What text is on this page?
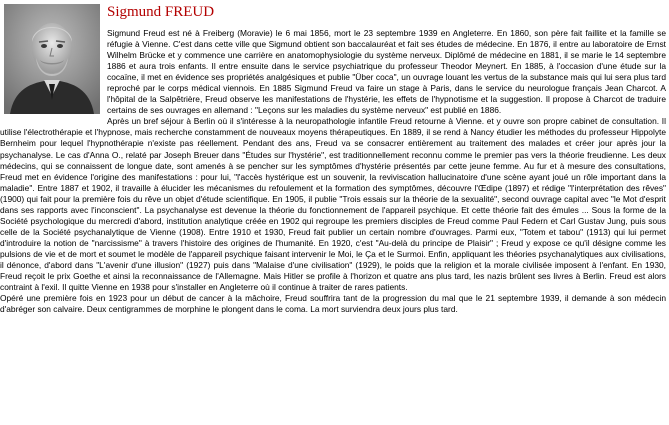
Sigmund FREUD

Sigmund Freud est né à Freiberg (Moravie) le 6 mai 1856, mort le 23 septembre 1939 en Angleterre. En 1860, son père fait faillite et la famille se réfugie à Vienne. C'est dans cette ville que Sigmund obtient son baccalauréat et fait ses études de médecine. En 1876, il entre au laboratoire de Ernst Wilhelm Brücke et y commence une carrière en anatomophysiologie du système nerveux. Diplômé de médecine en 1881, il se marie le 14 septembre 1886 et aura trois enfants. Il entre ensuite dans le service psychiatrique du professeur Theodor Meynert. En 1885, à l'occasion d'une étude sur la cocaïne, il met en évidence ses propriétés analgésiques et publie "Über coca", un ouvrage louant les vertus de la substance mais qui lui sera plus tard reproché par le corps médical viennois. En 1885 Sigmund Freud va faire un stage à Paris, dans le service du neurologue français Jean Charcot. A l'hôpital de la Salpêtrière, Freud observe les manifestations de l'hystérie, les effets de l'hypnotisme et la suggestion. Il propose à Charcot de traduire certains de ses ouvrages en allemand : "Leçons sur les maladies du système nerveux" est publié en 1886.

Après un bref séjour à Berlin où il s'intéresse à la neuropathologie infantile Freud retourne à Vienne. et y ouvre son propre cabinet de consultation. Il utilise l'électrothérapie et l'hypnose, mais recherche constamment de nouveaux moyens thérapeutiques. En 1889, il se rend à Nancy étudier les méthodes du professeur Hippolyte Bernheim pour lequel l'hypnothérapie n'existe pas réellement. Pendant des ans, Freud va se consacrer entièrement au traitement des malades et créer jour après jour la psychanalyse. Le cas d'Anna O., relaté par Joseph Breuer dans "Études sur l'hystérie", est traditionnellement reconnu comme le premier pas vers la théorie freudienne. Les deux médecins, qui se connaissent de longue date, sont amenés à se pencher sur les symptômes d'hystérie présentés par cette jeune femme. Au fur et à mesure des consultations, Freud met en évidence l'origine des manifestations : pour lui, "l'accès hystérique est un souvenir, la reviviscation hallucinatoire d'une scène ayant joué un rôle important dans la maladie". Entre 1887 et 1902, il travaille à élucider les mécanismes du refoulement et la formation des symptômes, découvre l'Œdipe (1897) et rédige "l'interprétation des rêves" (1900) qui fait pour la première fois du rêve un objet d'étude scientifique. En 1905, il publie "Trois essais sur la théorie de la sexualité", second ouvrage capital avec "le Mot d'esprit dans ses rapports avec l'inconscient". La psychanalyse est devenue la théorie du fonctionnement de l'appareil psychique. Et cette théorie fait des émules ... Sous la forme de la Société psychologique du mercredi d'abord, institution analytique créée en 1902 qui regroupe les premiers disciples de Freud comme Paul Federn et Carl Gustav Jung, puis sous celle de la Société psychanalytique de Vienne (1908). Entre 1910 et 1930, Freud fait publier un certain nombre d'ouvrages. Parmi eux, "Totem et tabou" (1913) qui lui permet d'introduire la notion de "narcissisme" à travers l'histoire des origines de l'humanité. En 1920, c'est "Au-delà du principe de Plaisir" ; Freud y expose ce qu'il désigne comme les pulsions de vie et de mort et soumet le modèle de l'appareil psychique faisant intervenir le Moi, le Ça et le Surmoi. Enfin, appliquant les théories psychanalytiques aux civilisations, il dénonce, d'abord dans "L'avenir d'une illusion" (1927) puis dans "Malaise d'une civilisation" (1929), le poids que la religion et la morale civilisée imposent à l'enfant. En 1930, Freud reçoit le prix Goethe et ainsi la reconnaissance de l'Allemagne. Mais Hitler se profile à l'horizon et quatre ans plus tard, les nazis brûlent ses livres à Berlin. Freud est alors contraint à l'exil. Il quitte Vienne en 1938 pour s'installer en Angleterre où il continue à traiter de rares patients.

Opéré une première fois en 1923 pour un début de cancer à la mâchoire, Freud souffrira tant de la progression du mal que le 21 septembre 1939, il demande à son médecin d'abréger son calvaire. Deux centigrammes de morphine le plongent dans le coma. La mort surviendra deux jours plus tard.
